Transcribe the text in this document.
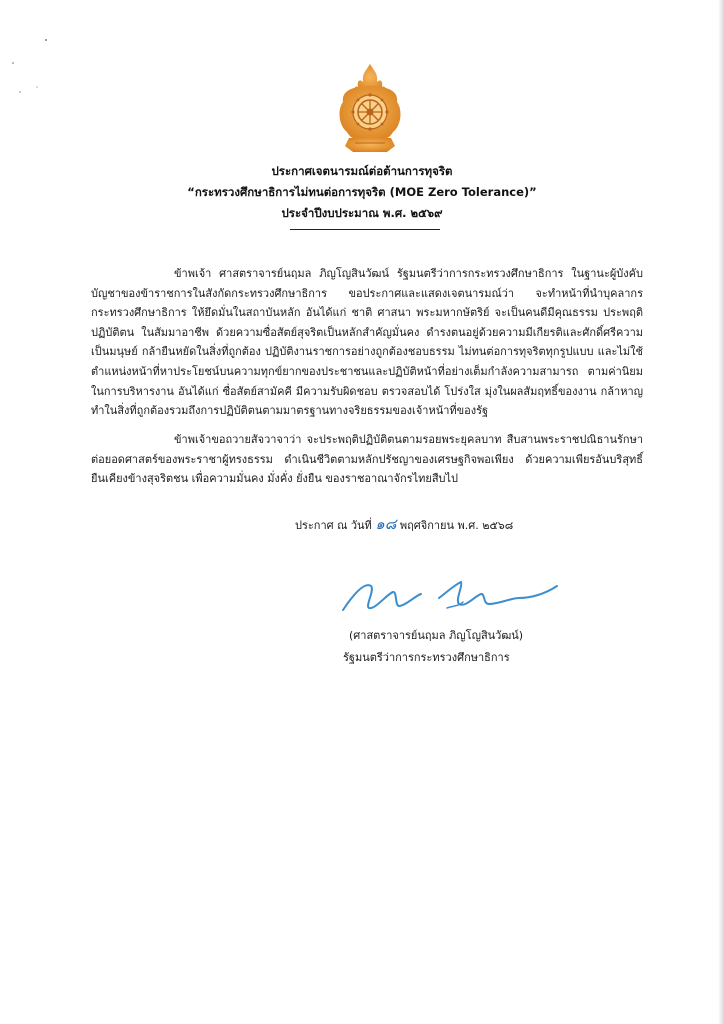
ประกาศเจตนารมณ์ต่อต้านการทุจริต
“กระทรวงศึกษาธิการไม่ทนต่อการทุจริต (MOE Zero Tolerance)”
ประจำปีงบประมาณ พ.ศ. ๒๕๖๙

ข้าพเจ้า ศาสตราจารย์นฤมล ภิญโญสินวัฒน์ รัฐมนตรีว่าการกระทรวงศึกษาธิการ ในฐานะผู้บังคับบัญชาของข้าราชการในสังกัดกระทรวงศึกษาธิการ ขอประกาศและแสดงเจตนารมณ์ว่า จะทำหน้าที่นำบุคลากรกระทรวงศึกษาธิการ ให้ยึดมั่นในสถาบันหลัก อันได้แก่ ชาติ ศาสนา พระมหากษัตริย์ จะเป็นคนดีมีคุณธรรม ประพฤติปฏิบัติตน ในสัมมาอาชีพ ด้วยความซื่อสัตย์สุจริตเป็นหลักสำคัญมั่นคง ดำรงตนอยู่ด้วยความมีเกียรติและศักดิ์ศรีความเป็นมนุษย์ กล้ายืนหยัดในสิ่งที่ถูกต้อง ปฏิบัติงานราชการอย่างถูกต้องชอบธรรม ไม่ทนต่อการทุจริตทุกรูปแบบ และไม่ใช้ตำแหน่งหน้าที่หาประโยชน์บนความทุกข์ยากของประชาชนและปฏิบัติหน้าที่อย่างเต็มกำลังความสามารถ ตามค่านิยมในการบริหารงาน อันได้แก่ ซื่อสัตย์สามัคคี มีความรับผิดชอบ ตรวจสอบได้ โปร่งใส มุ่งในผลสัมฤทธิ์ของงาน กล้าหาญทำในสิ่งที่ถูกต้องรวมถึงการปฏิบัติตนตามมาตรฐานทางจริยธรรมของเจ้าหน้าที่ของรัฐ

ข้าพเจ้าขอถวายสัจวาจาว่า จะประพฤติปฏิบัติตนตามรอยพระยุคลบาท สืบสานพระราชปณิธานรักษา ต่อยอดศาสตร์ของพระราชาผู้ทรงธรรม ดำเนินชีวิตตามหลักปรัชญาของเศรษฐกิจพอเพียง ด้วยความเพียรอันบริสุทธิ์ ยืนเคียงข้างสุจริตชน เพื่อความมั่นคง มั่งคั่ง ยั่งยืน ของราชอาณาจักรไทยสืบไป

ประกาศ ณ วันที่ ๑๘ พฤศจิกายน พ.ศ. ๒๕๖๘
(ศาสตราจารย์นฤมล ภิญโญสินวัฒน์)
รัฐมนตรีว่าการกระทรวงศึกษาธิการ
